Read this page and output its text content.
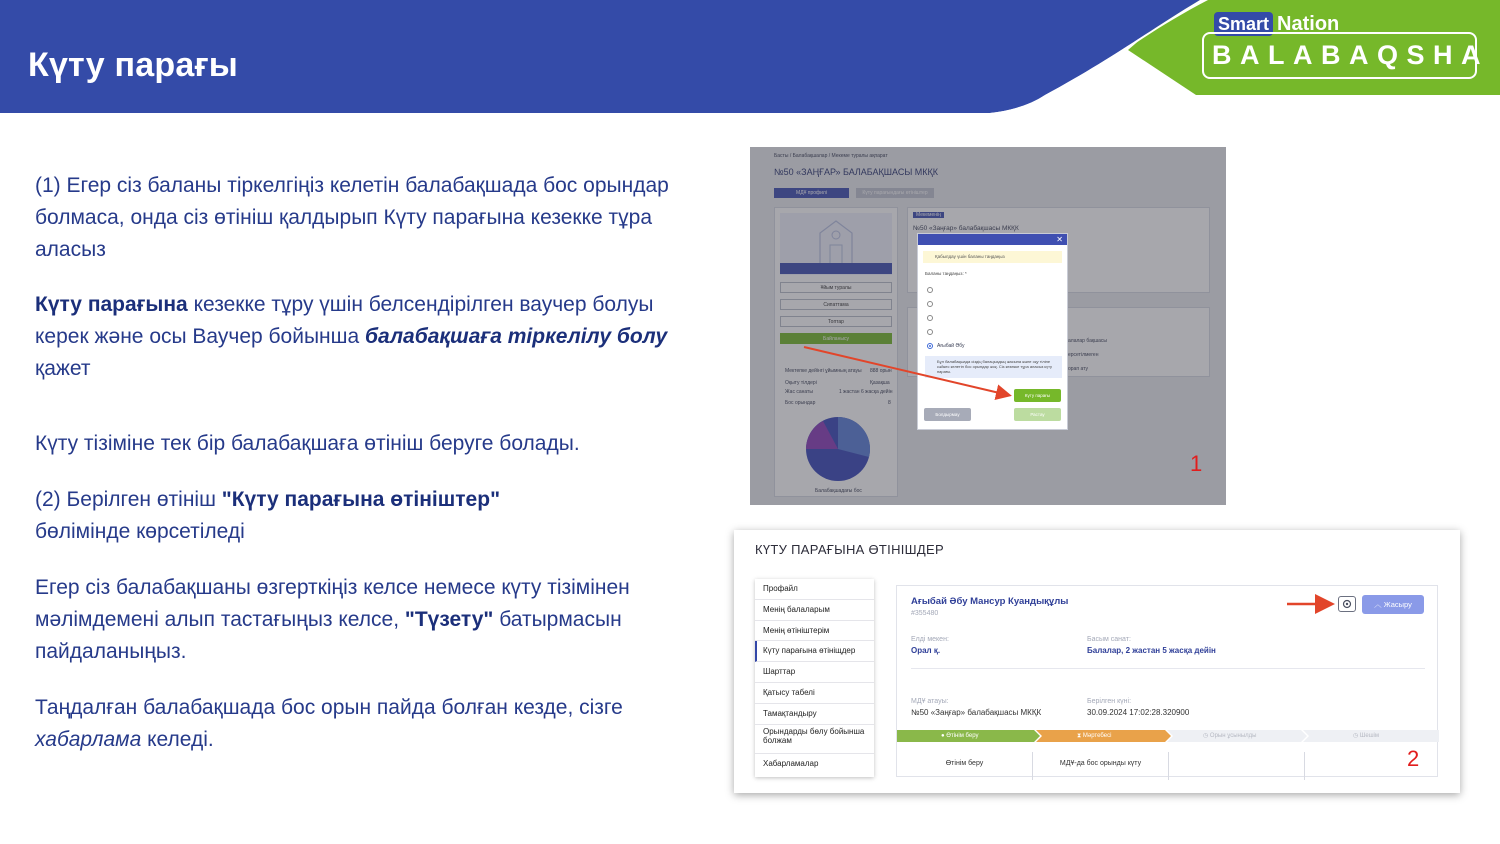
Күту парағы
Smart Nation
BALABAQSHA
(1) Егер сіз баланы тіркелгіңіз келетін балабақшада бос орындар болмаса, онда сіз өтініш қалдырып Күту парағына кезекке тұра аласыз
Күту парағына кезекке тұру үшін белсендірілген ваучер болуы керек және осы Ваучер бойынша балабақшаға тіркелілу болу қажет
Күту тізіміне тек бір балабақшаға өтініш беруге болады.
(2) Берілген өтініш "Күту парағына өтініштер"
бөлімінде көрсетіледі
Егер сіз балабақшаны өзгерткіңіз келсе немесе күту тізімінен мәлімдемені алып тастағыңыз келсе, "Түзету" батырмасын пайдаланыңыз.
Таңдалған балабақшада бос орын пайда болған кезде, сізге хабарлама келеді.
Басты / Балабақшалар / Мекеме туралы ақпарат
№50 «ЗАҢҒАР» БАЛАБАҚШАСЫ МКҚК
МДҰ профилі	Күту парағындағы өтініштер
Ұйым туралы
Сипаттама
Топтар
Байланысу
Мектепке дейінгі ұйымның атауы 888 орын
Оқыту тілдері	Қазақша
Жас санаты	1 жастан 6 жасқа дейін
Бос орындар	8
Балабақшадағы бос
Мекеменің
№50 «Заңғар» балабақшасы МКҚК
алалар бақшасы
ерсетілмеген
орап ату
✕
Қабылдау үшін баланы таңдаңыз
Баланы таңдаңыз: *
Ағыбай Әбу
Бұл балабақшада сіздің балаңыздың жасына және оқу тіліне сәйкес келетін бос орындар жоқ. Сіз кезекке тұра аласыз күту парағы.
Күту парағы
Болдырмау	Растау
1
КҮТУ ПАРАҒЫНА ӨТІНІШДЕР
Профайл
Менің балаларым
Менің өтініштерім
Күту парағына өтініщдер
Шарттар
Қатысу табелі
Тамақтандыру
Орындарды бөлу бойынша болжам
Хабарламалар
Ағыбай Әбу Мансур Куандықұлы
#355480
︿ Жасыру
Елді мекен:
Орал қ.
Басым санат:
Балалар, 2 жастан 5 жасқа дейін
МДҰ атауы:
№50 «Заңғар» балабақшасы МКҚК
Берілген күні:
30.09.2024 17:02:28.320900
● Өтінім беру	⧗ Мәртебесі	◷ Орын ұсынылды	◷ Шешім
Өтінім беру	МДҰ-да бос орынды күту	2
